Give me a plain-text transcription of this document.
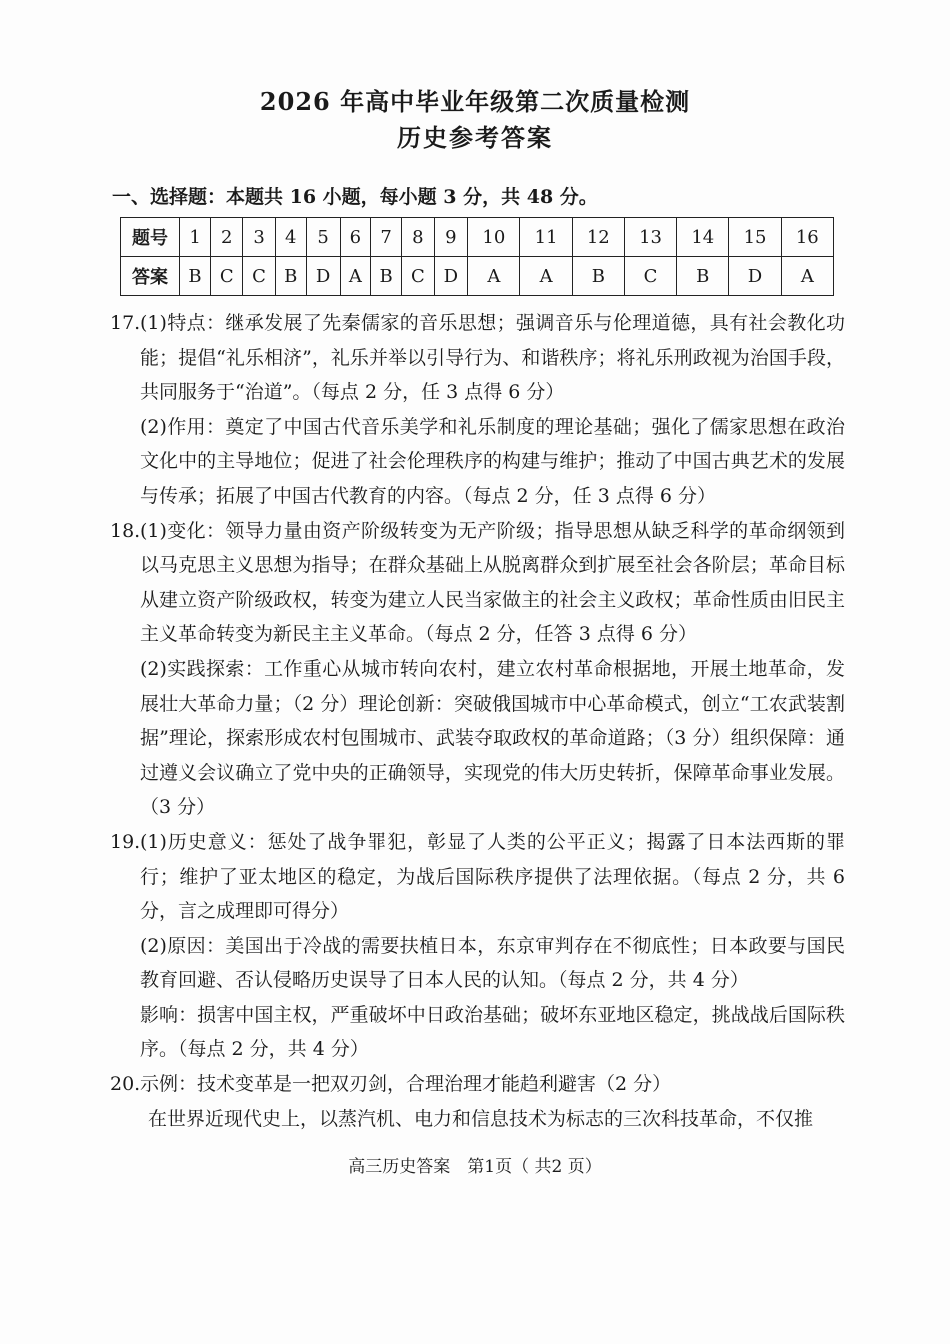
2026 年高中毕业年级第二次质量检测
历史参考答案
一、选择题：本题共 16 小题，每小题 3 分，共 48 分。
题号	1	2	3	4	5	6	7	8	9	10	11	12	13	14	15	16
答案	B	C	C	B	D	A	B	C	D	A	A	B	C	B	D	A
17. (1)特点：继承发展了先秦儒家的音乐思想；强调音乐与伦理道德，具有社会教化功能；提倡“礼乐相济”，礼乐并举以引导行为、和谐秩序；将礼乐刑政视为治国手段，共同服务于“治道”。（每点 2 分，任 3 点得 6 分）
(2)作用：奠定了中国古代音乐美学和礼乐制度的理论基础；强化了儒家思想在政治文化中的主导地位；促进了社会伦理秩序的构建与维护；推动了中国古典艺术的发展与传承；拓展了中国古代教育的内容。（每点 2 分，任 3 点得 6 分）
18. (1)变化：领导力量由资产阶级转变为无产阶级；指导思想从缺乏科学的革命纲领到以马克思主义思想为指导；在群众基础上从脱离群众到扩展至社会各阶层；革命目标从建立资产阶级政权，转变为建立人民当家做主的社会主义政权；革命性质由旧民主主义革命转变为新民主主义革命。（每点 2 分，任答 3 点得 6 分）
(2)实践探索：工作重心从城市转向农村，建立农村革命根据地，开展土地革命，发展壮大革命力量；（2 分）理论创新：突破俄国城市中心革命模式，创立“工农武装割据”理论，探索形成农村包围城市、武装夺取政权的革命道路；（3 分）组织保障：通过遵义会议确立了党中央的正确领导，实现党的伟大历史转折，保障革命事业发展。（3 分）
19. (1)历史意义：惩处了战争罪犯，彰显了人类的公平正义；揭露了日本法西斯的罪行；维护了亚太地区的稳定，为战后国际秩序提供了法理依据。（每点 2 分，共 6 分，言之成理即可得分）
(2)原因：美国出于冷战的需要扶植日本，东京审判存在不彻底性；日本政要与国民教育回避、否认侵略历史误导了日本人民的认知。（每点 2 分，共 4 分）
影响：损害中国主权，严重破坏中日政治基础；破坏东亚地区稳定，挑战战后国际秩序。（每点 2 分，共 4 分）
20. 示例：技术变革是一把双刃剑，合理治理才能趋利避害（2 分）
在世界近现代史上，以蒸汽机、电力和信息技术为标志的三次科技革命，不仅推
高三历史答案　第1页（ 共2 页）
